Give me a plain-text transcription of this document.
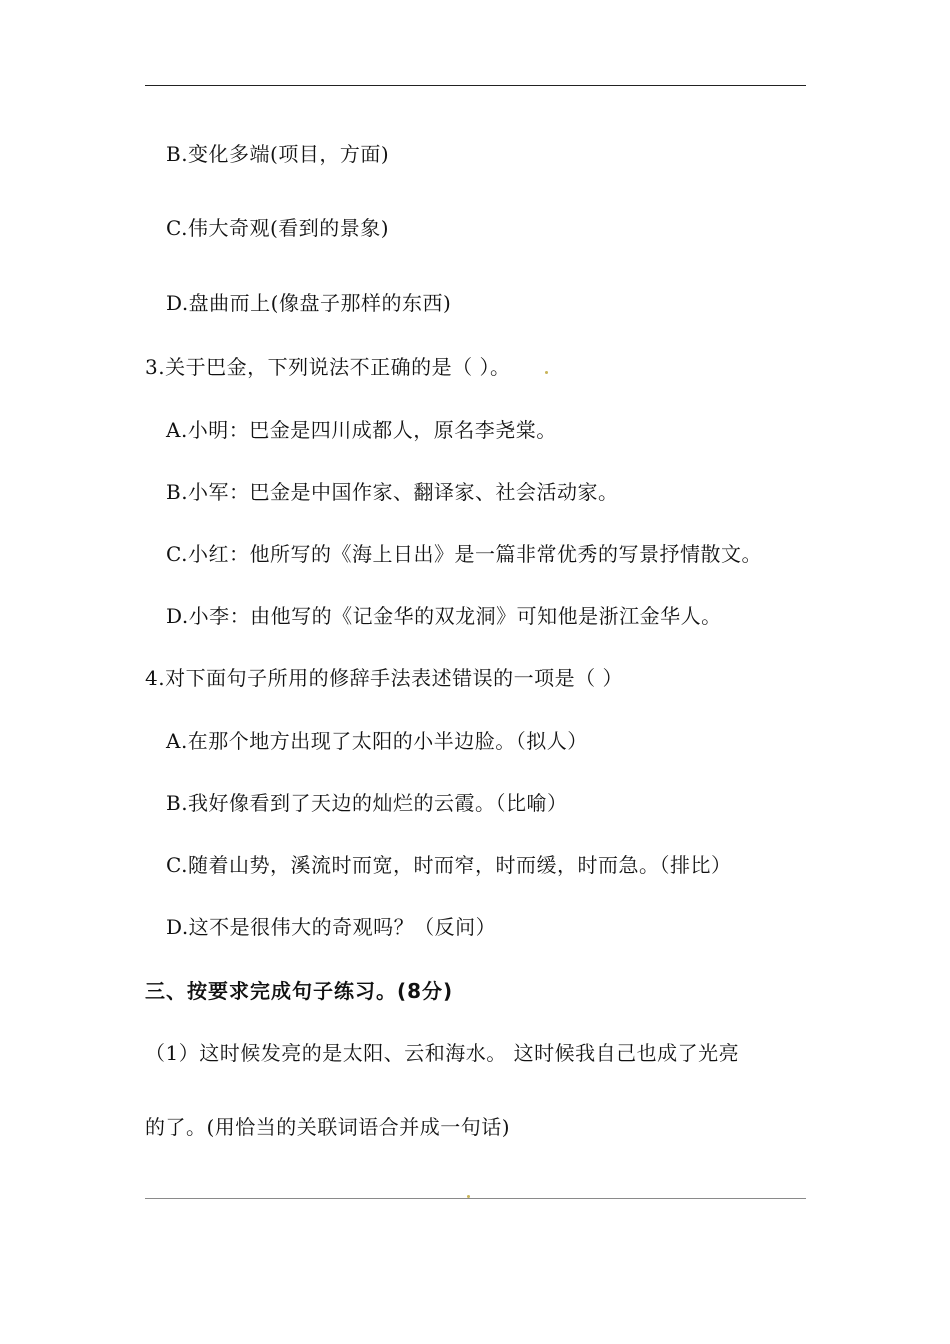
B.变化多端(项目，方面)
C.伟大奇观(看到的景象)
D.盘曲而上(像盘子那样的东西)
3.关于巴金，下列说法不正确的是（ ）。
A.小明：巴金是四川成都人，原名李尧棠。
B.小军：巴金是中国作家、翻译家、社会活动家。
C.小红：他所写的《海上日出》是一篇非常优秀的写景抒情散文。
D.小李：由他写的《记金华的双龙洞》可知他是浙江金华人。
4.对下面句子所用的修辞手法表述错误的一项是（ ）
A.在那个地方出现了太阳的小半边脸。（拟人）
B.我好像看到了天边的灿烂的云霞。（比喻）
C.随着山势，溪流时而宽，时而窄，时而缓，时而急。（排比）
D.这不是很伟大的奇观吗？（反问）
三、按要求完成句子练习。(8分)
（1）这时候发亮的是太阳、云和海水。 这时候我自己也成了光亮
的了。(用恰当的关联词语合并成一句话)
